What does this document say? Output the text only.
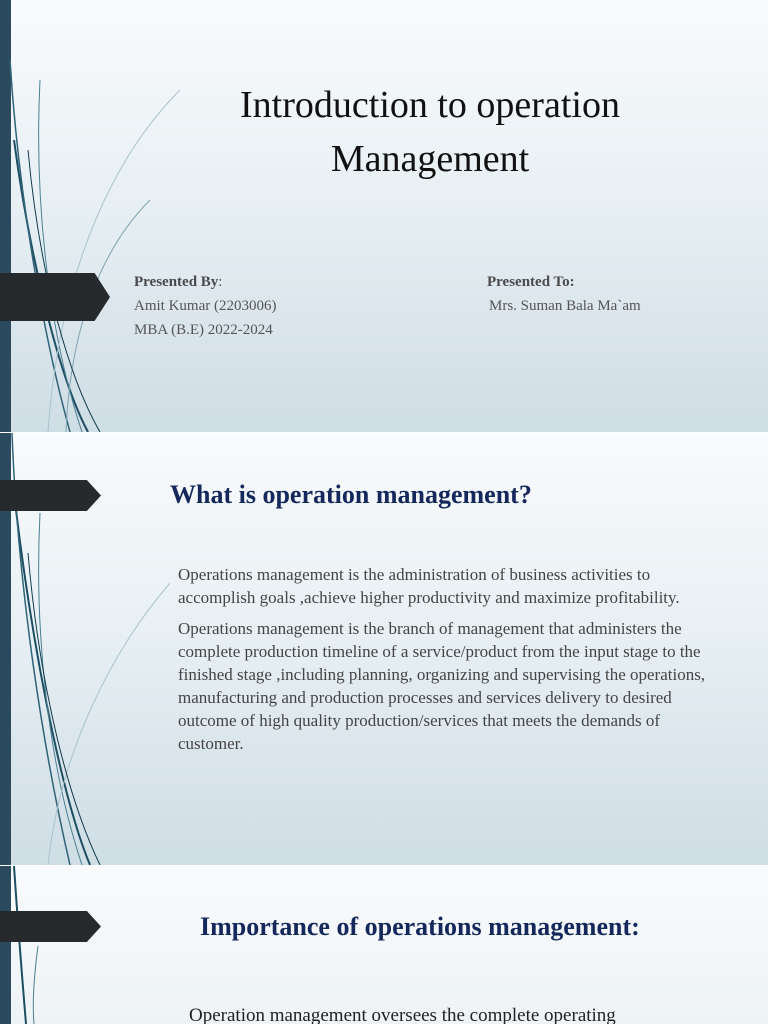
Introduction to operation
Management
Presented By:
Amit Kumar (2203006)
MBA (B.E) 2022-2024
Presented To:
Mrs. Suman Bala Ma`am
What is operation management?
Operations management is the administration of business activities to accomplish goals ,achieve higher productivity and maximize profitability.
Operations management is the branch of management that administers the complete production timeline of a service/product from the input stage to the finished stage ,including planning, organizing and supervising the operations, manufacturing and production processes and services delivery to desired outcome of high quality production/services that meets the demands of customer.
Importance of operations management:
Operation management oversees the complete operating
